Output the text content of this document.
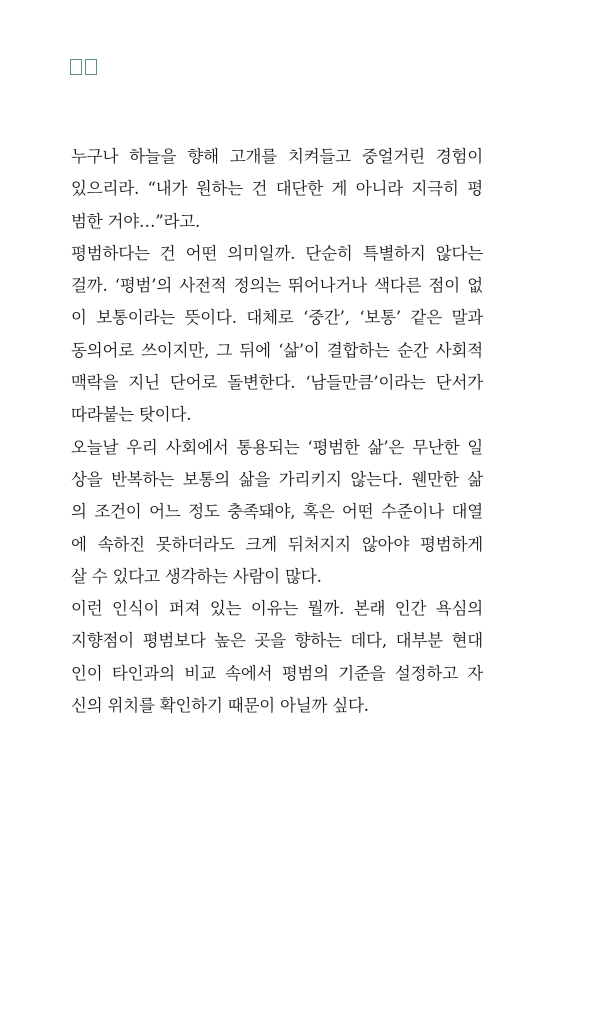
누구나 하늘을 향해 고개를 치켜들고 중얼거린 경험이
있으리라. “내가 원하는 건 대단한 게 아니라 지극히 평
범한 거야…”라고.
평범하다는 건 어떤 의미일까. 단순히 특별하지 않다는
걸까. ‘평범’의 사전적 정의는 뛰어나거나 색다른 점이 없
이 보통이라는 뜻이다. 대체로 ‘중간’, ‘보통’ 같은 말과
동의어로 쓰이지만, 그 뒤에 ‘삶’이 결합하는 순간 사회적
맥락을 지닌 단어로 돌변한다. ‘남들만큼’이라는 단서가
따라붙는 탓이다.
오늘날 우리 사회에서 통용되는 ‘평범한 삶’은 무난한 일
상을 반복하는 보통의 삶을 가리키지 않는다. 웬만한 삶
의 조건이 어느 정도 충족돼야, 혹은 어떤 수준이나 대열
에 속하진 못하더라도 크게 뒤처지지 않아야 평범하게
살 수 있다고 생각하는 사람이 많다.
이런 인식이 퍼져 있는 이유는 뭘까. 본래 인간 욕심의
지향점이 평범보다 높은 곳을 향하는 데다, 대부분 현대
인이 타인과의 비교 속에서 평범의 기준을 설정하고 자
신의 위치를 확인하기 때문이 아닐까 싶다.
